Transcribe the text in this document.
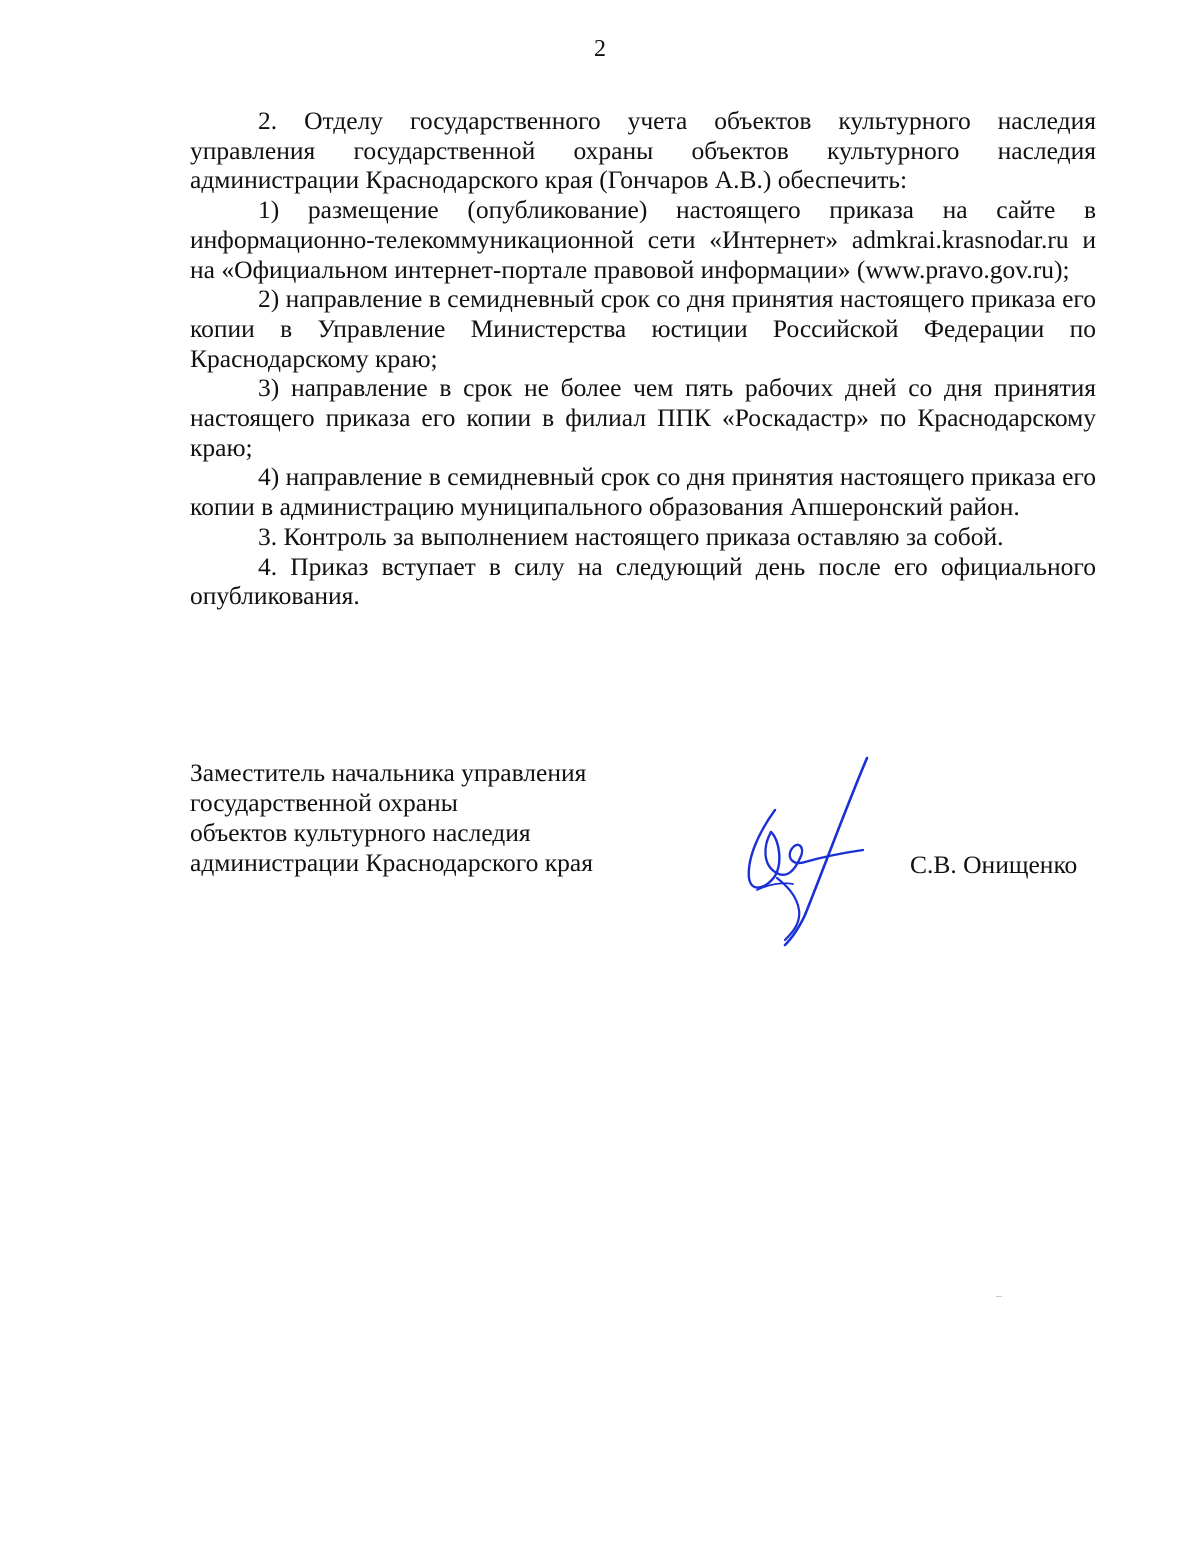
2

2. Отделу государственного учета объектов культурного наследия управления государственной охраны объектов культурного наследия администрации Краснодарского края (Гончаров А.В.) обеспечить:

1) размещение (опубликование) настоящего приказа на сайте в информационно-телекоммуникационной сети «Интернет» admkrai.krasnodar.ru и на «Официальном интернет-портале правовой информации» (www.pravo.gov.ru);

2) направление в семидневный срок со дня принятия настоящего приказа его копии в Управление Министерства юстиции Российской Федерации по Краснодарскому краю;

3) направление в срок не более чем пять рабочих дней со дня принятия настоящего приказа его копии в филиал ППК «Роскадастр» по Краснодарскому краю;

4) направление в семидневный срок со дня принятия настоящего приказа его копии в администрацию муниципального образования Апшеронский район.

3. Контроль за выполнением настоящего приказа оставляю за собой.

4. Приказ вступает в силу на следующий день после его официального опубликования.

Заместитель начальника управления
государственной охраны
объектов культурного наследия
администрации Краснодарского края	С.В. Онищенко
